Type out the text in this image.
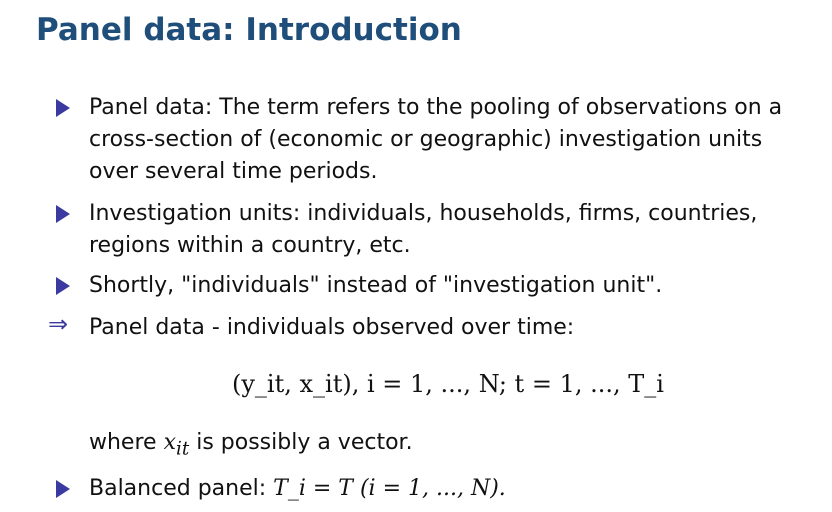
Panel data: Introduction
Panel data: The term refers to the pooling of observations on a cross-section of (economic or geographic) investigation units over several time periods.
Investigation units: individuals, households, firms, countries, regions within a country, etc.
Shortly, "individuals" instead of "investigation unit".
⇒ Panel data - individuals observed over time:
(y_it, x_it), i = 1, ..., N; t = 1, ..., T_i
where $x_{it}$ is possibly a vector.
Balanced panel: T_i = T (i = 1, ..., N).
